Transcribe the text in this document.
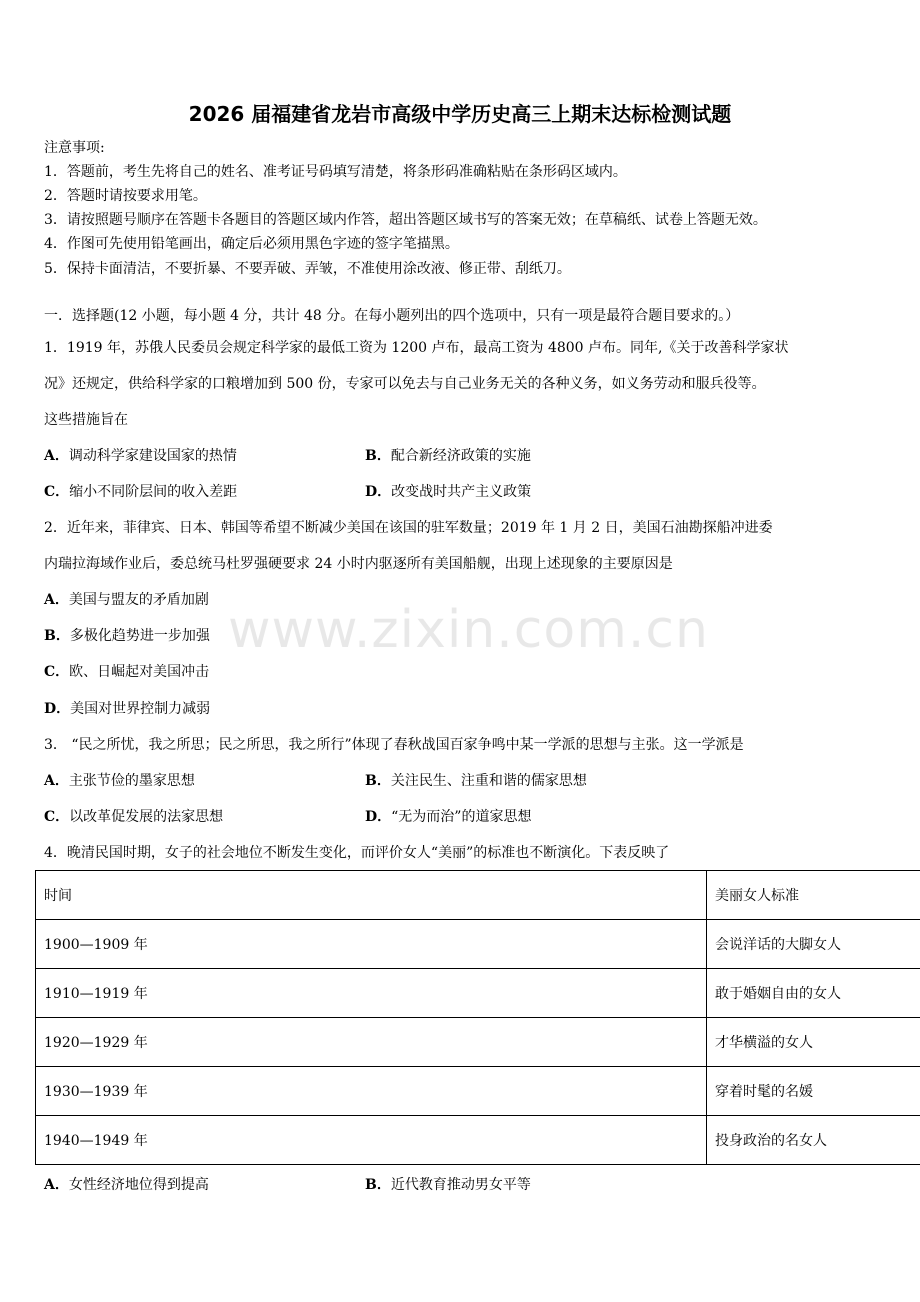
2026 届福建省龙岩市高级中学历史高三上期末达标检测试题
注意事项:
1．答题前，考生先将自己的姓名、准考证号码填写清楚，将条形码准确粘贴在条形码区域内。
2．答题时请按要求用笔。
3．请按照题号顺序在答题卡各题目的答题区域内作答，超出答题区域书写的答案无效；在草稿纸、试卷上答题无效。
4．作图可先使用铅笔画出，确定后必须用黑色字迹的签字笔描黑。
5．保持卡面清洁，不要折暴、不要弄破、弄皱，不准使用涂改液、修正带、刮纸刀。
一．选择题(12 小题，每小题 4 分，共计 48 分。在每小题列出的四个选项中，只有一项是最符合题目要求的。）
1．1919 年，苏俄人民委员会规定科学家的最低工资为 1200 卢布，最高工资为 4800 卢布。同年,《关于改善科学家状
况》还规定，供给科学家的口粮增加到 500 份，专家可以免去与自己业务无关的各种义务，如义务劳动和服兵役等。
这些措施旨在
A．调动科学家建设国家的热情	B．配合新经济政策的实施
C．缩小不同阶层间的收入差距	D．改变战时共产主义政策
2．近年来，菲律宾、日本、韩国等希望不断减少美国在该国的驻军数量；2019 年 1 月 2 日，美国石油勘探船冲进委
内瑞拉海域作业后，委总统马杜罗强硬要求 24 小时内驱逐所有美国船舰，出现上述现象的主要原因是
A．美国与盟友的矛盾加剧
B．多极化趋势进一步加强
C．欧、日崛起对美国冲击
D．美国对世界控制力减弱
3． “民之所忧，我之所思；民之所思，我之所行”体现了春秋战国百家争鸣中某一学派的思想与主张。这一学派是
A．主张节俭的墨家思想	B．关注民生、注重和谐的儒家思想
C．以改革促发展的法家思想	D．“无为而治”的道家思想
4．晚清民国时期，女子的社会地位不断发生变化，而评价女人“美丽”的标准也不断演化。下表反映了
时间	美丽女人标准
1900—1909 年	会说洋话的大脚女人
1910—1919 年	敢于婚姻自由的女人
1920—1929 年	才华横溢的女人
1930—1939 年	穿着时髦的名媛
1940—1949 年	投身政治的名女人
A．女性经济地位得到提高	B．近代教育推动男女平等
www.zixin.com.cn
